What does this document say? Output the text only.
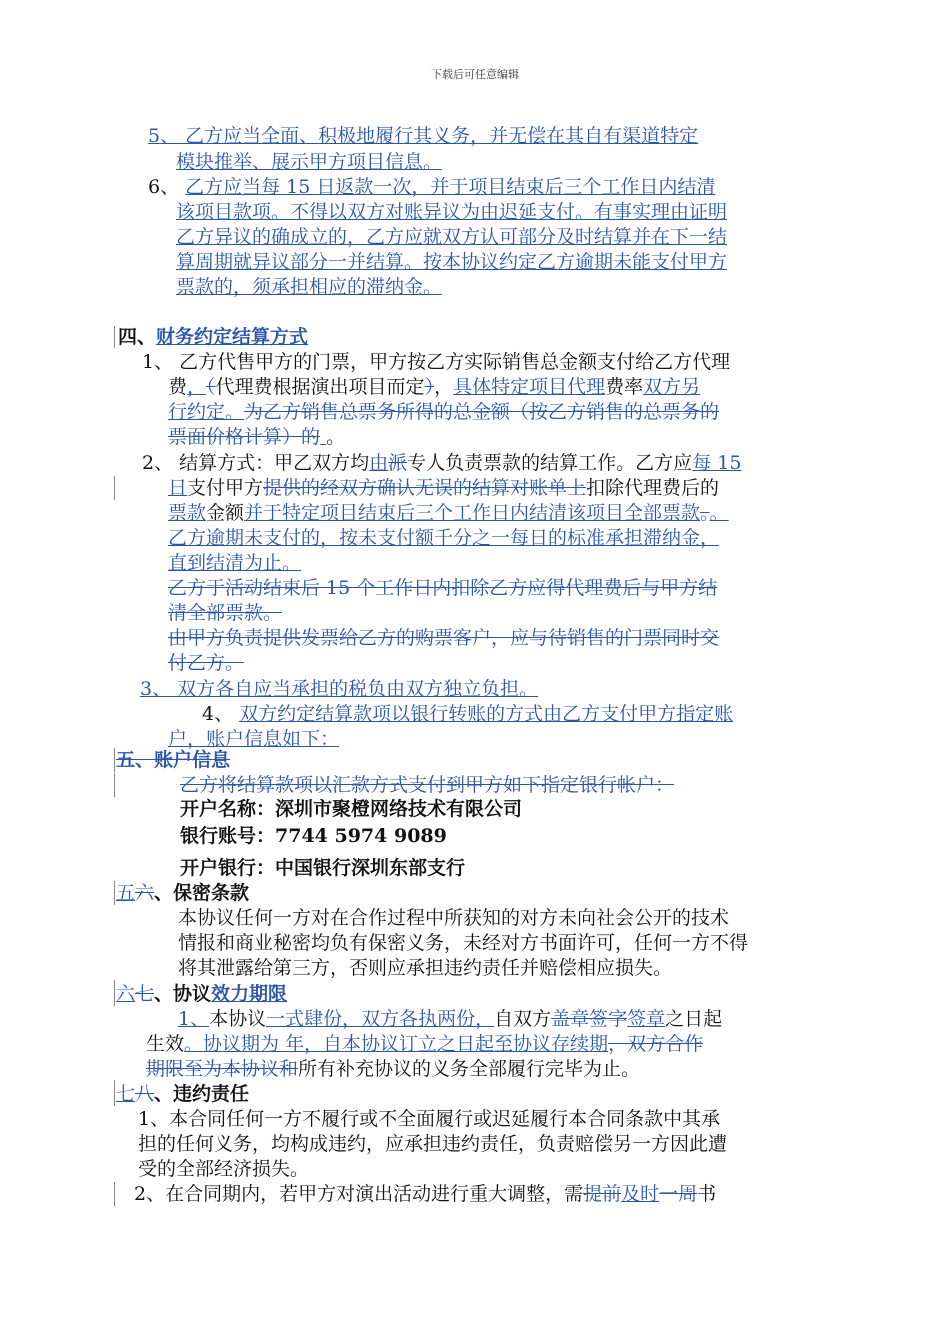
下载后可任意编辑
5、 乙方应当全面、积极地履行其义务，并无偿在其自有渠道特定
模块推举、展示甲方项目信息。
6、 乙方应当每 15 日返款一次，并于项目结束后三个工作日内结清
该项目款项。不得以双方对账异议为由迟延支付。有事实理由证明
乙方异议的确成立的，乙方应就双方认可部分及时结算并在下一结
算周期就异议部分一并结算。按本协议约定乙方逾期未能支付甲方
票款的，须承担相应的滞纳金。
四、财务约定结算方式
1、 乙方代售甲方的门票，甲方按乙方实际销售总金额支付给乙方代理
费，（代理费根据演出项目而定），具体特定项目代理费率双方另
行约定。为乙方销售总票务所得的总金额（按乙方销售的总票务的
票面价格计算）的 。
2、 结算方式：甲乙双方均由派专人负责票款的结算工作。乙方应每 15
日支付甲方提供的经双方确认无误的结算对账单上扣除代理费后的
票款金额并于特定项目结束后三个工作日内结清该项目全部票款。。
乙方逾期未支付的，按未支付额千分之一每日的标准承担滞纳金，
直到结清为止。
乙方于活动结束后 15 个工作日内扣除乙方应得代理费后与甲方结
清全部票款。
由甲方负责提供发票给乙方的购票客户，应与待销售的门票同时交
付乙方。
3、 双方各自应当承担的税负由双方独立负担。
4、 双方约定结算款项以银行转账的方式由乙方支付甲方指定账
户，账户信息如下：
五、账户信息
乙方将结算款项以汇款方式支付到甲方如下指定银行帐户：
开户名称：深圳市聚橙网络技术有限公司
银行账号：7744 5974 9089
开户银行：中国银行深圳东部支行
五六、保密条款
本协议任何一方对在合作过程中所获知的对方未向社会公开的技术
情报和商业秘密均负有保密义务，未经对方书面许可，任何一方不得
将其泄露给第三方，否则应承担违约责任并赔偿相应损失。
六七、协议效力期限
1、本协议一式肆份，双方各执两份，自双方盖章签字签章之日起
生效。协议期为 年，自本协议订立之日起至协议存续期，双方合作
期限至为本协议和所有补充协议的义务全部履行完毕为止。
七八、违约责任
1、本合同任何一方不履行或不全面履行或迟延履行本合同条款中其承
担的任何义务，均构成违约，应承担违约责任，负责赔偿另一方因此遭
受的全部经济损失。
2、在合同期内，若甲方对演出活动进行重大调整，需提前及时一周书
